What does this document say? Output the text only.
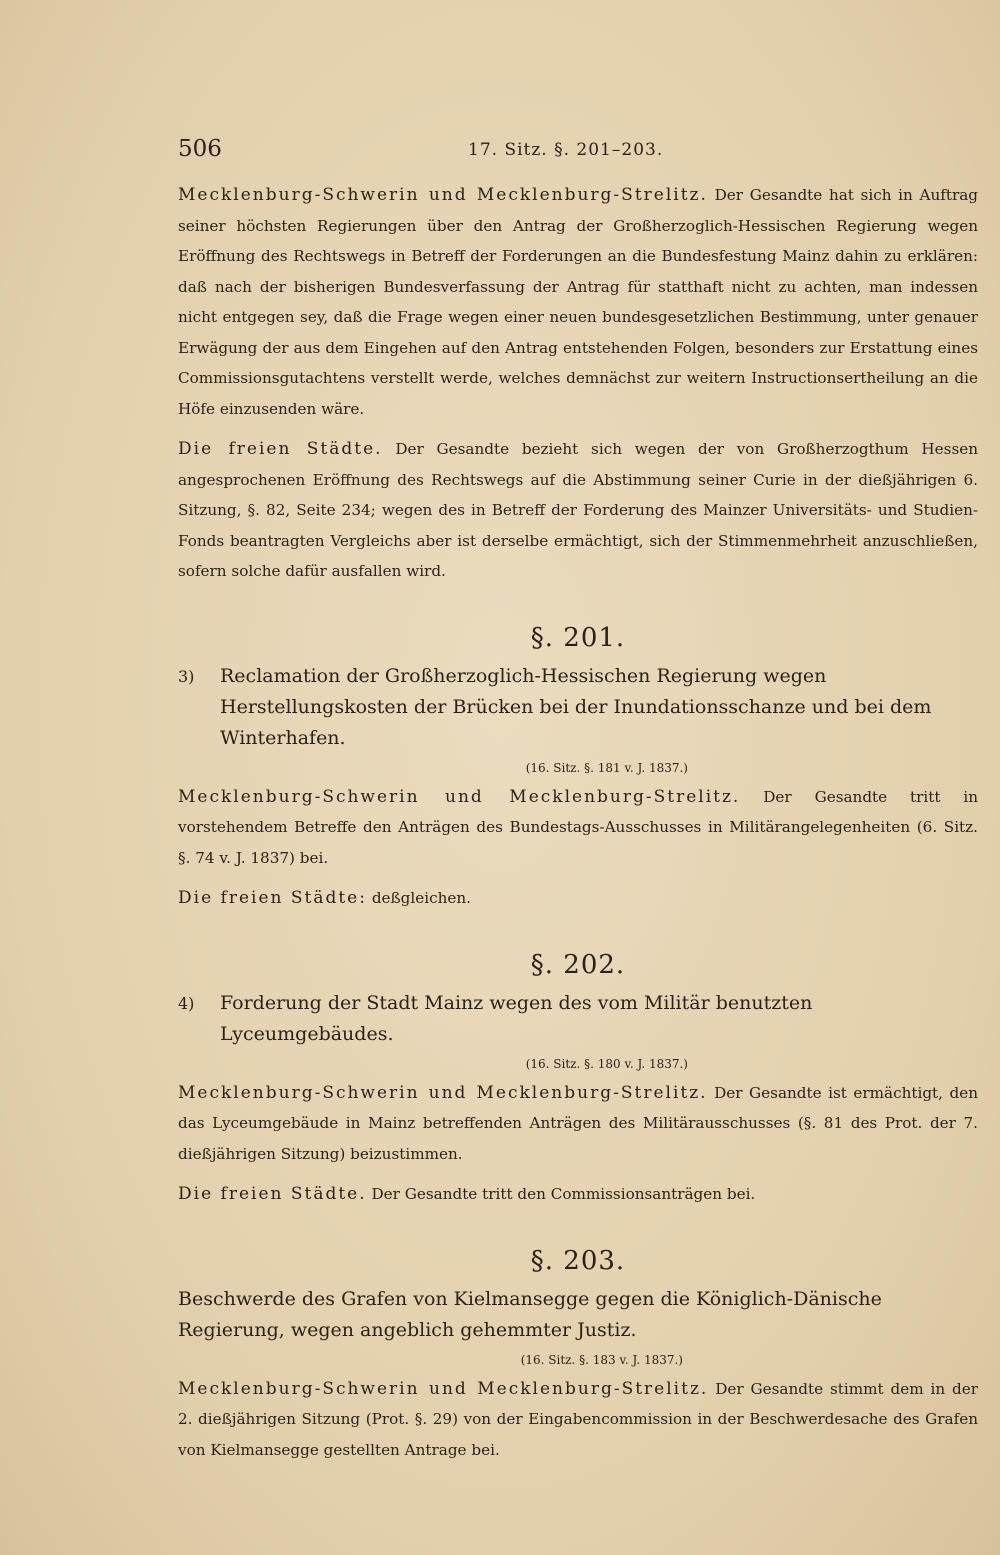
506	17. Sitz. §. 201–203.

Mecklenburg-Schwerin und Mecklenburg-Strelitz. Der Gesandte hat sich in Auftrag seiner höchsten Regierungen über den Antrag der Großherzoglich-Hessischen Regierung wegen Eröffnung des Rechtswegs in Betreff der Forderungen an die Bundesfestung Mainz dahin zu erklären: daß nach der bisherigen Bundesverfassung der Antrag für statthaft nicht zu achten, man indessen nicht entgegen sey, daß die Frage wegen einer neuen bundesgesetzlichen Bestimmung, unter genauer Erwägung der aus dem Eingehen auf den Antrag entstehenden Folgen, besonders zur Erstattung eines Commissionsgutachtens verstellt werde, welches demnächst zur weitern Instructionsertheilung an die Höfe einzusenden wäre.

Die freien Städte. Der Gesandte bezieht sich wegen der von Großherzogthum Hessen angesprochenen Eröffnung des Rechtswegs auf die Abstimmung seiner Curie in der dießjährigen 6. Sitzung, §. 82, Seite 234; wegen des in Betreff der Forderung des Mainzer Universitäts- und Studien-Fonds beantragten Vergleichs aber ist derselbe ermächtigt, sich der Stimmenmehrheit anzuschließen, sofern solche dafür ausfallen wird.

§. 201.
3)	Reclamation der Großherzoglich-Hessischen Regierung wegen Herstellungskosten der Brücken bei der Inundationsschanze und bei dem Winterhafen.
(16. Sitz. §. 181 v. J. 1837.)

Mecklenburg-Schwerin und Mecklenburg-Strelitz. Der Gesandte tritt in vorstehendem Betreffe den Anträgen des Bundestags-Ausschusses in Militärangelegenheiten (6. Sitz. §. 74 v. J. 1837) bei.

Die freien Städte: deßgleichen.

§. 202.
4)	Forderung der Stadt Mainz wegen des vom Militär benutzten Lyceumgebäudes.
(16. Sitz. §. 180 v. J. 1837.)

Mecklenburg-Schwerin und Mecklenburg-Strelitz. Der Gesandte ist ermächtigt, den das Lyceumgebäude in Mainz betreffenden Anträgen des Militärausschusses (§. 81 des Prot. der 7. dießjährigen Sitzung) beizustimmen.

Die freien Städte. Der Gesandte tritt den Commissionsanträgen bei.

§. 203.
Beschwerde des Grafen von Kielmansegge gegen die Königlich-Dänische Regierung, wegen angeblich gehemmter Justiz.
(16. Sitz. §. 183 v. J. 1837.)

Mecklenburg-Schwerin und Mecklenburg-Strelitz. Der Gesandte stimmt dem in der 2. dießjährigen Sitzung (Prot. §. 29) von der Eingabencommission in der Beschwerdesache des Grafen von Kielmansegge gestellten Antrage bei.
